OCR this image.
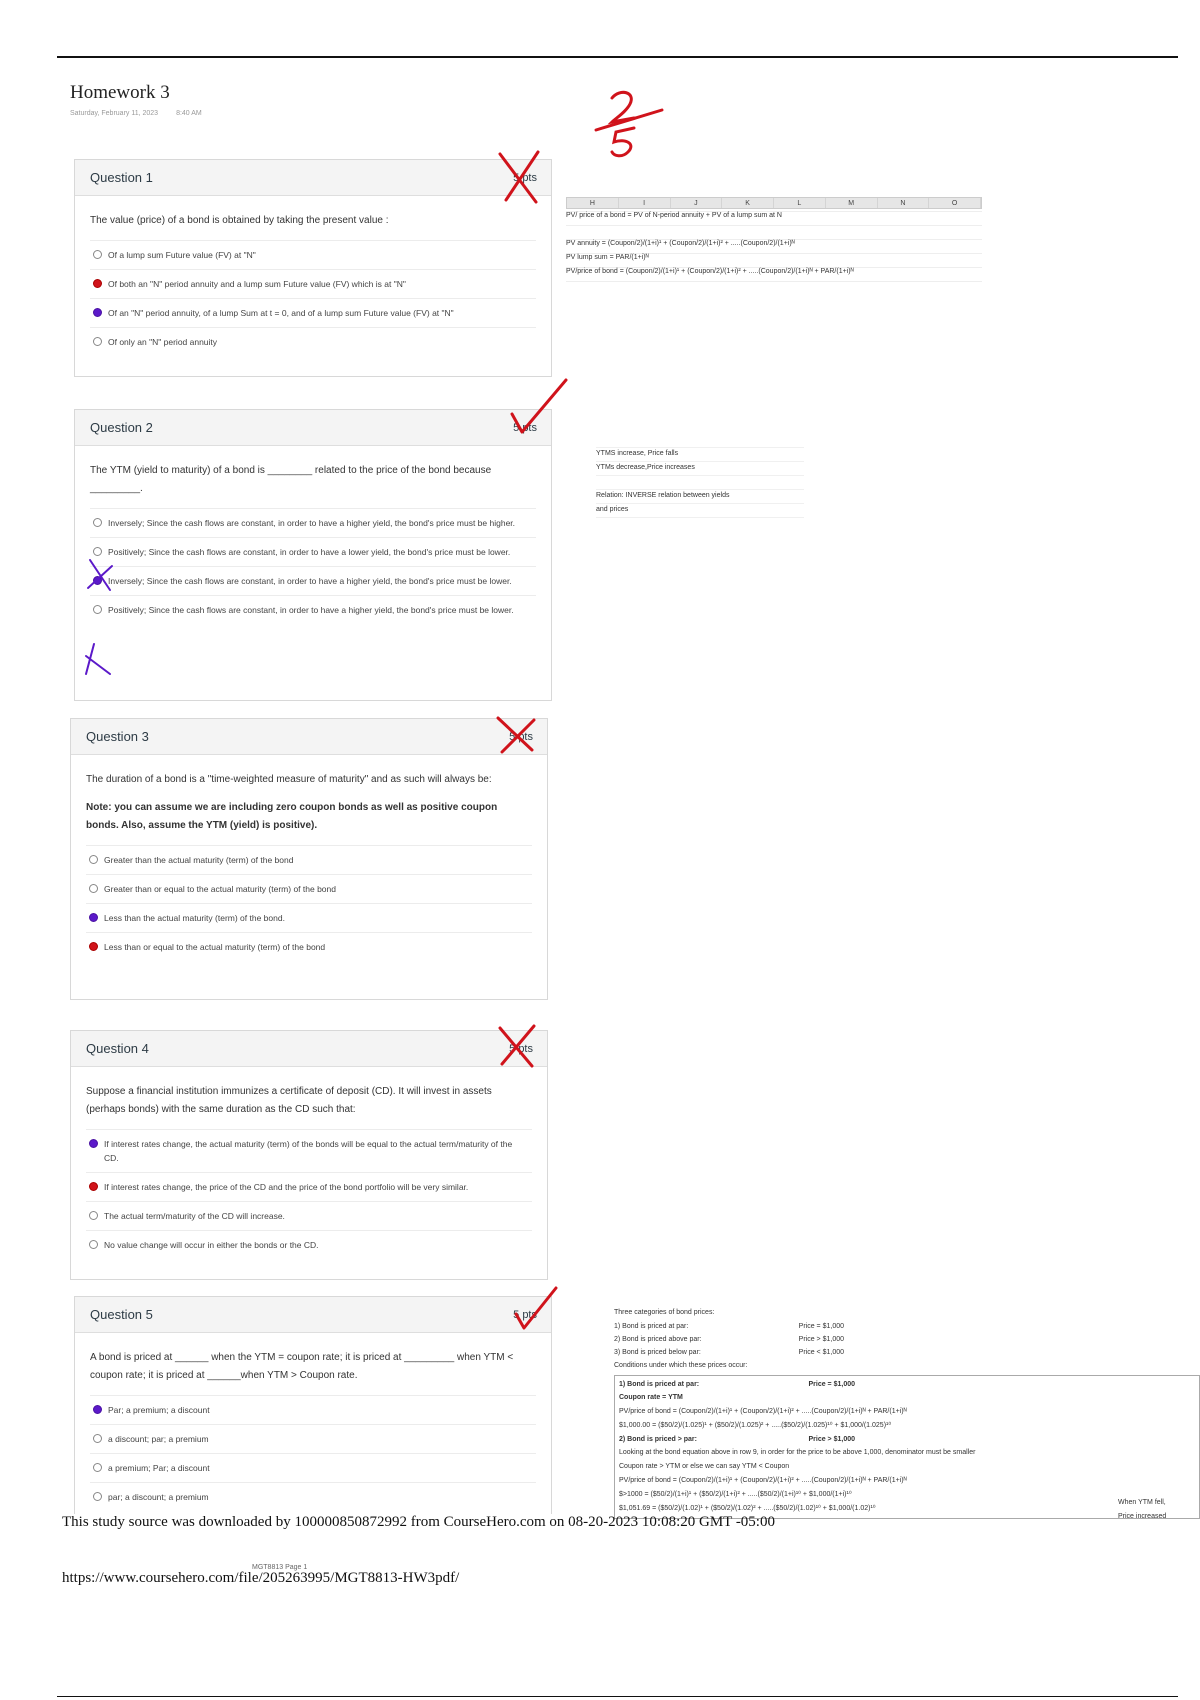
Homework 3
Saturday, February 11, 2023	8:40 AM
Question 1	5 pts
The value (price) of a bond is obtained by taking the present value :
Of a lump sum Future value (FV) at "N"
Of both an "N" period annuity and a lump sum Future value (FV) which is at "N"
Of an "N" period annuity, of a lump Sum at t = 0, and of a lump sum Future value (FV) at "N"
Of only an "N" period annuity
Question 2	5 pts
The YTM (yield to maturity) of a bond is ________ related to the price of the bond because _________.
Inversely; Since the cash flows are constant, in order to have a higher yield, the bond's price must be higher.
Positively; Since the cash flows are constant, in order to have a lower yield, the bond's price must be lower.
Inversely; Since the cash flows are constant, in order to have a higher yield, the bond's price must be lower.
Positively; Since the cash flows are constant, in order to have a higher yield, the bond's price must be lower.
Question 3	5 pts
The duration of a bond is a "time-weighted measure of maturity" and as such will always be:
Note: you can assume we are including zero coupon bonds as well as positive coupon bonds. Also, assume the YTM (yield) is positive).
Greater than the actual maturity (term) of the bond
Greater than or equal to the actual maturity (term) of the bond
Less than the actual maturity (term) of the bond.
Less than or equal to the actual maturity (term) of the bond
Question 4	5 pts
Suppose a financial institution immunizes a certificate of deposit (CD). It will invest in assets (perhaps bonds) with the same duration as the CD such that:
If interest rates change, the actual maturity (term) of the bonds will be equal to the actual term/maturity of the CD.
If interest rates change, the price of the CD and the price of the bond portfolio will be very similar.
The actual term/maturity of the CD will increase.
No value change will occur in either the bonds or the CD.
Question 5	5 pts
A bond is priced at ______ when the YTM = coupon rate; it is priced at _________ when YTM < coupon rate; it is priced at ______when YTM > Coupon rate.
Par; a premium; a discount
a discount; par; a premium
a premium; Par; a discount
par; a discount; a premium
H	I	J	K	L	M	N	O
PV/ price of a bond = PV of N-period annuity + PV of a lump sum at N
PV annuity = (Coupon/2)/(1+i)¹ + (Coupon/2)/(1+i)² + .....(Coupon/2)/(1+i)ᴺ
PV lump sum = PAR/(1+i)ᴺ
PV/price of bond = (Coupon/2)/(1+i)¹ + (Coupon/2)/(1+i)² + .....(Coupon/2)/(1+i)ᴺ + PAR/(1+i)ᴺ
YTMS increase, Price falls
YTMs decrease,Price increases
Relation: INVERSE relation between yields
and prices
Three categories of bond prices:
1) Bond is priced at par:	Price = $1,000
2) Bond is priced above par:	Price > $1,000
3) Bond is priced below par:	Price < $1,000
Conditions under which these prices occur:
1) Bond is priced at par:	Price = $1,000
Coupon rate = YTM
PV/price of bond = (Coupon/2)/(1+i)¹ + (Coupon/2)/(1+i)² + .....(Coupon/2)/(1+i)ᴺ + PAR/(1+i)ᴺ
$1,000.00 = ($50/2)/(1.025)¹ + ($50/2)/(1.025)² + .....($50/2)/(1.025)¹⁰ + $1,000/(1.025)¹⁰
2) Bond is priced > par:	Price > $1,000
Looking at the bond equation above in row 9, in order for the price to be above 1,000, denominator must be smaller
Coupon rate > YTM or else we can say YTM < Coupon
PV/price of bond = (Coupon/2)/(1+i)¹ + (Coupon/2)/(1+i)² + .....(Coupon/2)/(1+i)ᴺ + PAR/(1+i)ᴺ
$>1000 = ($50/2)/(1+i)¹ + ($50/2)/(1+i)² + .....($50/2)/(1+i)¹⁰ + $1,000/(1+i)¹⁰
$1,051.69 = ($50/2)/(1.02)¹ + ($50/2)/(1.02)² + .....($50/2)/(1.02)¹⁰ + $1,000/(1.02)¹⁰
When YTM fell,
Price increased
This study source was downloaded by 100000850872992 from CourseHero.com on 08-20-2023 10:08:20 GMT -05:00
MGT8813 Page 1
https://www.coursehero.com/file/205263995/MGT8813-HW3pdf/
